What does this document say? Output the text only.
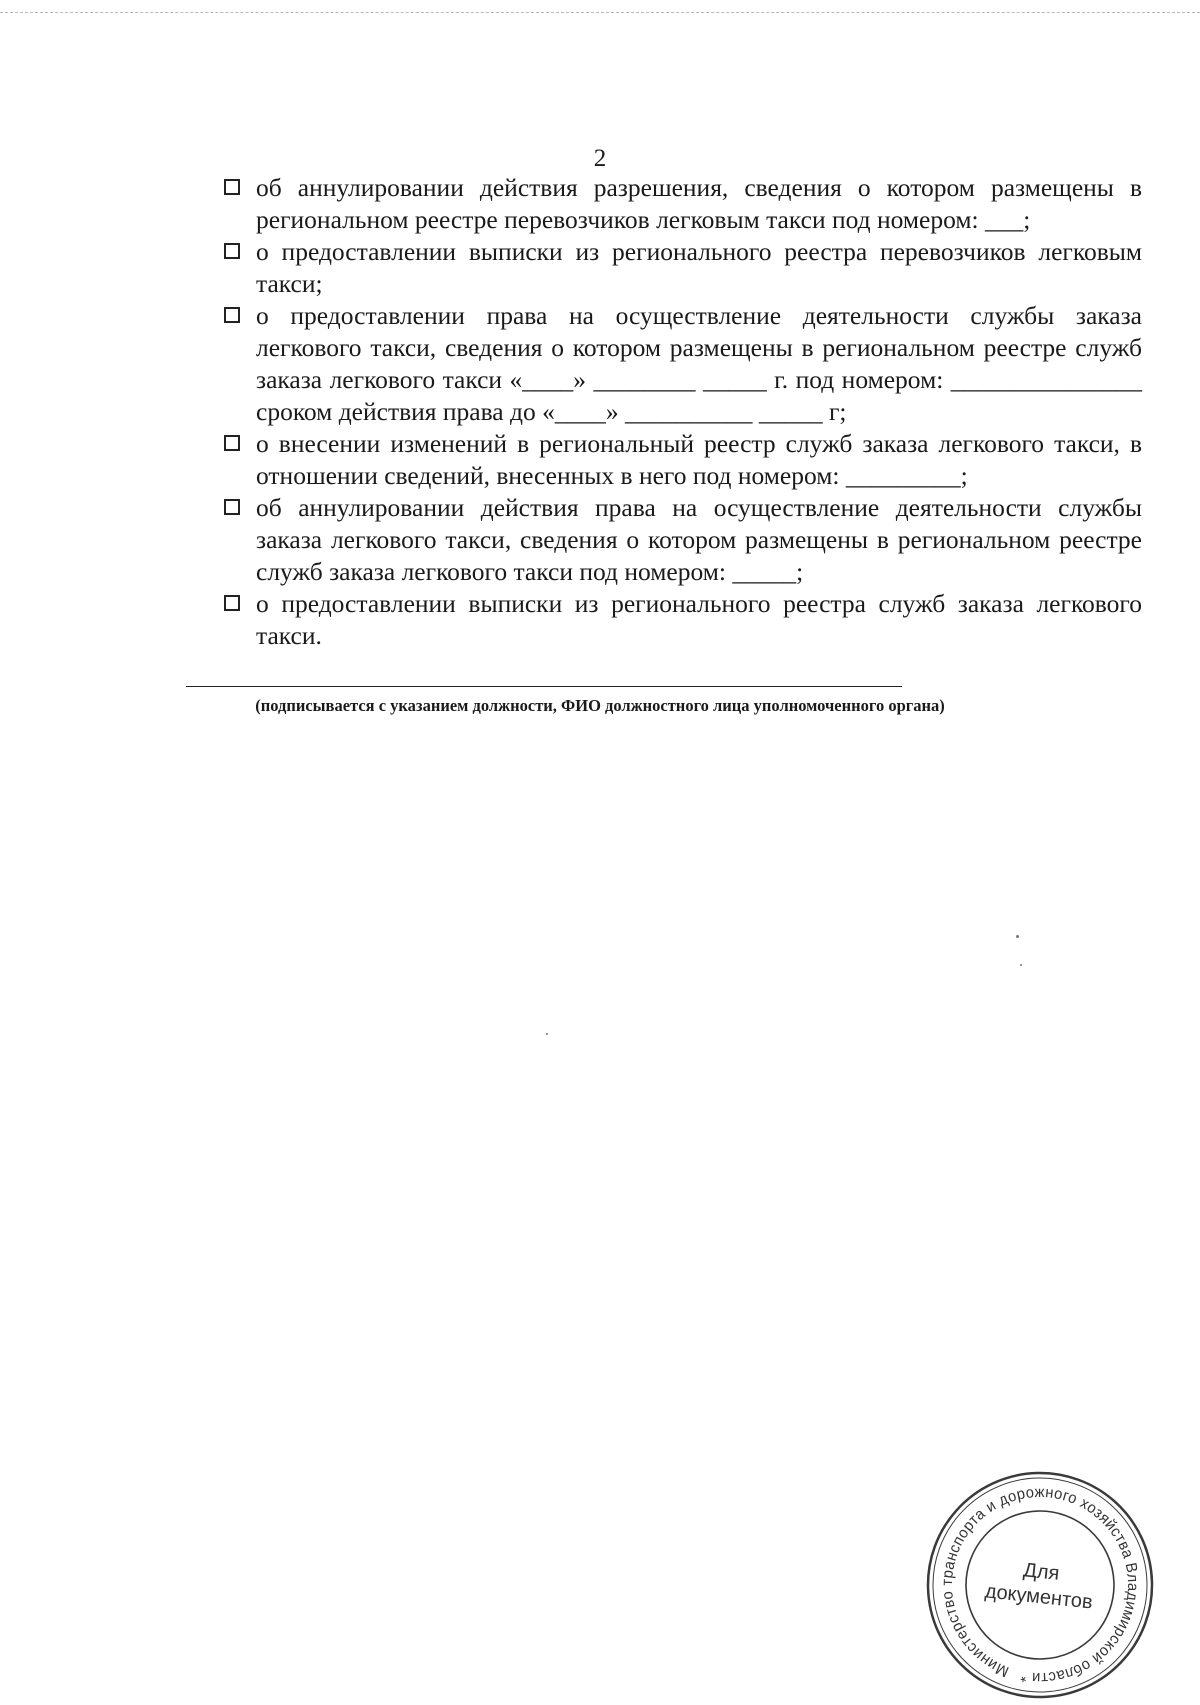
2
об аннулировании действия разрешения, сведения о котором размещены в региональном реестре перевозчиков легковым такси под номером: ___;
о предоставлении выписки из регионального реестра перевозчиков легковым такси;
о предоставлении права на осуществление деятельности службы заказа легкового такси, сведения о котором размещены в региональном реестре служб заказа легкового такси «____» ________ _____ г. под номером: _______________ сроком действия права до «____» __________ _____ г;
о внесении изменений в региональный реестр служб заказа легкового такси, в отношении сведений, внесенных в него под номером: _________;
об аннулировании действия права на осуществление деятельности службы заказа легкового такси, сведения о котором размещены в региональном реестре служб заказа легкового такси под номером: _____;
о предоставлении выписки из регионального реестра служб заказа легкового такси.
(подписывается с указанием должности, ФИО должностного лица уполномоченного органа)
Министерство транспорта и дорожного хозяйства Владимирской области *
Для
документов
